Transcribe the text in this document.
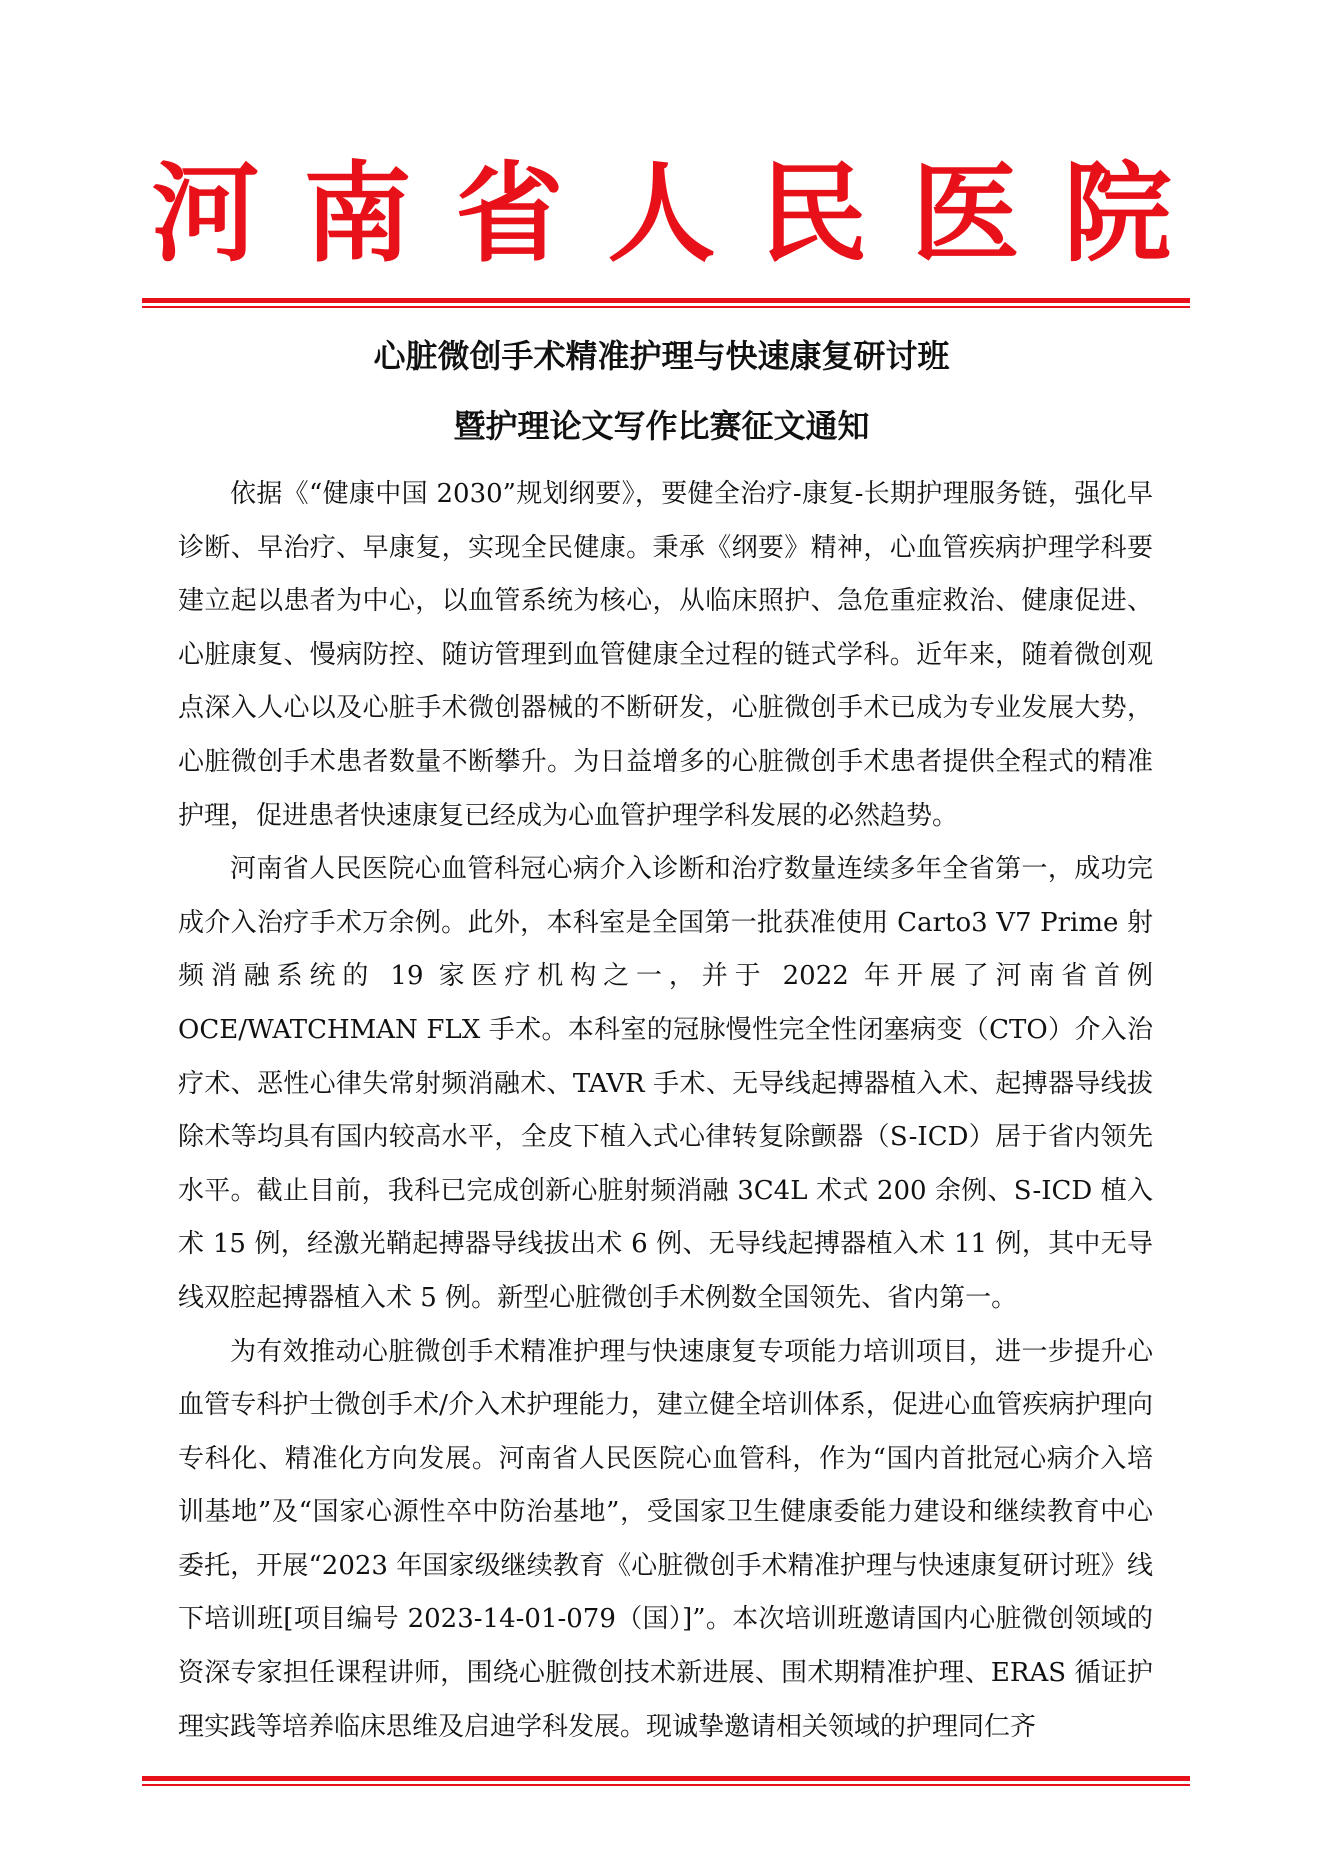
河南省人民医院
心脏微创手术精准护理与快速康复研讨班
暨护理论文写作比赛征文通知

依据《“健康中国 2030”规划纲要》，要健全治疗-康复-长期护理服务链，强化早诊断、早治疗、早康复，实现全民健康。秉承《纲要》精神，心血管疾病护理学科要建立起以患者为中心，以血管系统为核心，从临床照护、急危重症救治、健康促进、心脏康复、慢病防控、随访管理到血管健康全过程的链式学科。近年来，随着微创观点深入人心以及心脏手术微创器械的不断研发，心脏微创手术已成为专业发展大势，心脏微创手术患者数量不断攀升。为日益增多的心脏微创手术患者提供全程式的精准护理，促进患者快速康复已经成为心血管护理学科发展的必然趋势。

河南省人民医院心血管科冠心病介入诊断和治疗数量连续多年全省第一，成功完成介入治疗手术万余例。此外，本科室是全国第一批获准使用 Carto3 V7 Prime 射频消融系统的 19 家医疗机构之一，并于 2022 年开展了河南省首例 OCE/WATCHMAN FLX 手术。本科室的冠脉慢性完全性闭塞病变（CTO）介入治疗术、恶性心律失常射频消融术、TAVR 手术、无导线起搏器植入术、起搏器导线拔除术等均具有国内较高水平，全皮下植入式心律转复除颤器（S-ICD）居于省内领先水平。截止目前，我科已完成创新心脏射频消融 3C4L 术式 200 余例、S-ICD 植入术 15 例，经激光鞘起搏器导线拔出术 6 例、无导线起搏器植入术 11 例，其中无导线双腔起搏器植入术 5 例。新型心脏微创手术例数全国领先、省内第一。

为有效推动心脏微创手术精准护理与快速康复专项能力培训项目，进一步提升心血管专科护士微创手术/介入术护理能力，建立健全培训体系，促进心血管疾病护理向专科化、精准化方向发展。河南省人民医院心血管科，作为“国内首批冠心病介入培训基地”及“国家心源性卒中防治基地”，受国家卫生健康委能力建设和继续教育中心委托，开展“2023 年国家级继续教育《心脏微创手术精准护理与快速康复研讨班》线下培训班[项目编号 2023-14-01-079（国）]”。本次培训班邀请国内心脏微创领域的资深专家担任课程讲师，围绕心脏微创技术新进展、围术期精准护理、ERAS 循证护理实践等培养临床思维及启迪学科发展。现诚挚邀请相关领域的护理同仁齐
